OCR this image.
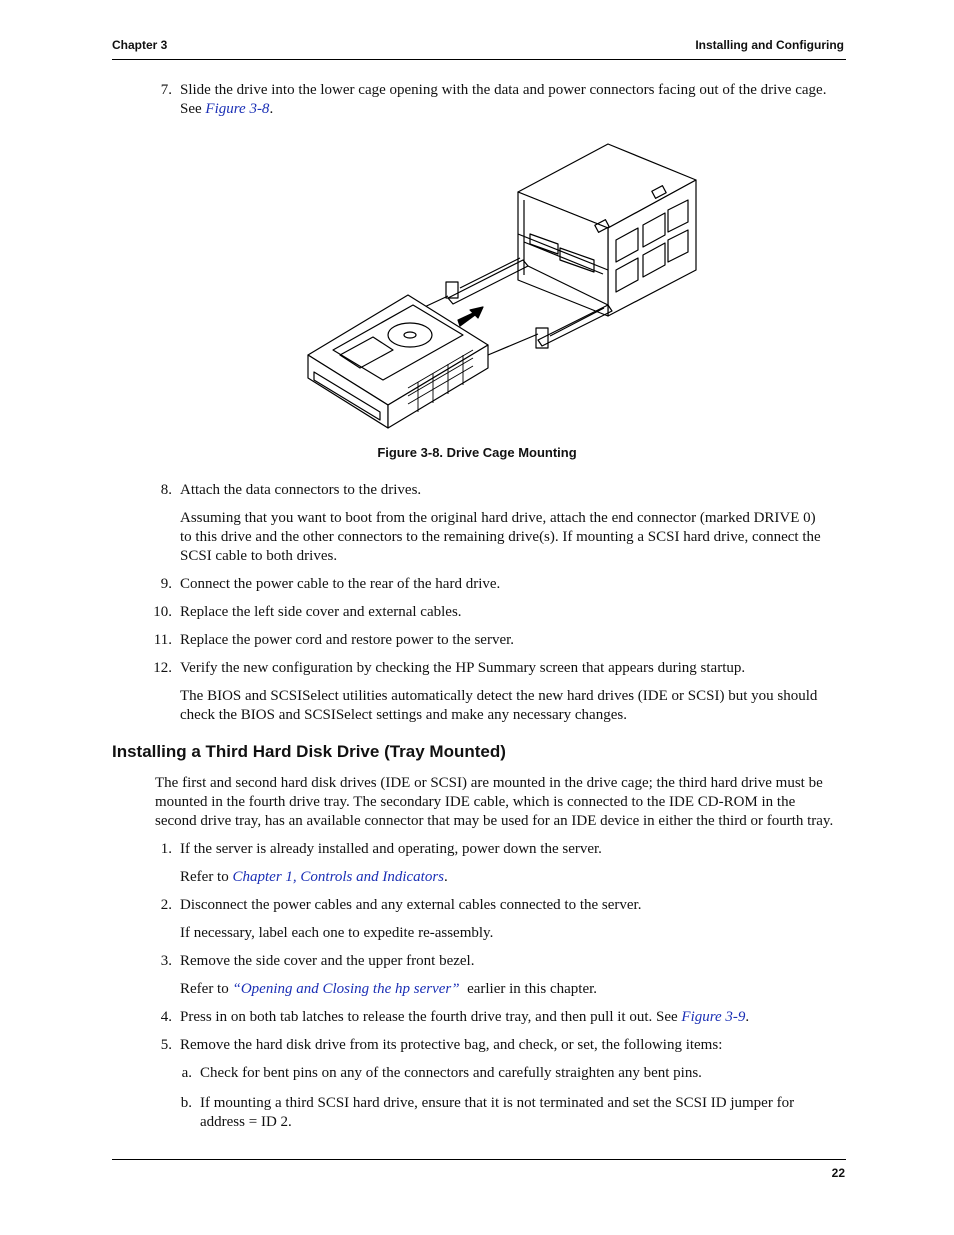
Chapter 3	Installing and Configuring
7. Slide the drive into the lower cage opening with the data and power connectors facing out of the drive cage.

See Figure 3-8.

Figure 3-8. Drive Cage Mounting
8. Attach the data connectors to the drives.

Assuming that you want to boot from the original hard drive, attach the end connector (marked DRIVE 0)

to this drive and the other connectors to the remaining drive(s). If mounting a SCSI hard drive, connect the

SCSI cable to both drives.

9. Connect the power cable to the rear of the hard drive.

10. Replace the left side cover and external cables.

11. Replace the power cord and restore power to the server.

12. Verify the new configuration by checking the HP Summary screen that appears during startup.

The BIOS and SCSISelect utilities automatically detect the new hard drives (IDE or SCSI) but you should

check the BIOS and SCSISelect settings and make any necessary changes.

Installing a Third Hard Disk Drive (Tray Mounted)

The first and second hard disk drives (IDE or SCSI) are mounted in the drive cage; the third hard drive must be

mounted in the fourth drive tray. The secondary IDE cable, which is connected to the IDE CD-ROM in the

second drive tray, has an available connector that may be used for an IDE device in either the third or fourth tray.

1. If the server is already installed and operating, power down the server.

Refer to Chapter 1, Controls and Indicators.

2. Disconnect the power cables and any external cables connected to the server.

If necessary, label each one to expedite re-assembly.

3. Remove the side cover and the upper front bezel.

Refer to “Opening and Closing the hp server”  earlier in this chapter.

4. Press in on both tab latches to release the fourth drive tray, and then pull it out. See Figure 3-9.

5. Remove the hard disk drive from its protective bag, and check, or set, the following items:

a. Check for bent pins on any of the connectors and carefully straighten any bent pins.

b. If mounting a third SCSI hard drive, ensure that it is not terminated and set the SCSI ID jumper for

address = ID 2.

22
